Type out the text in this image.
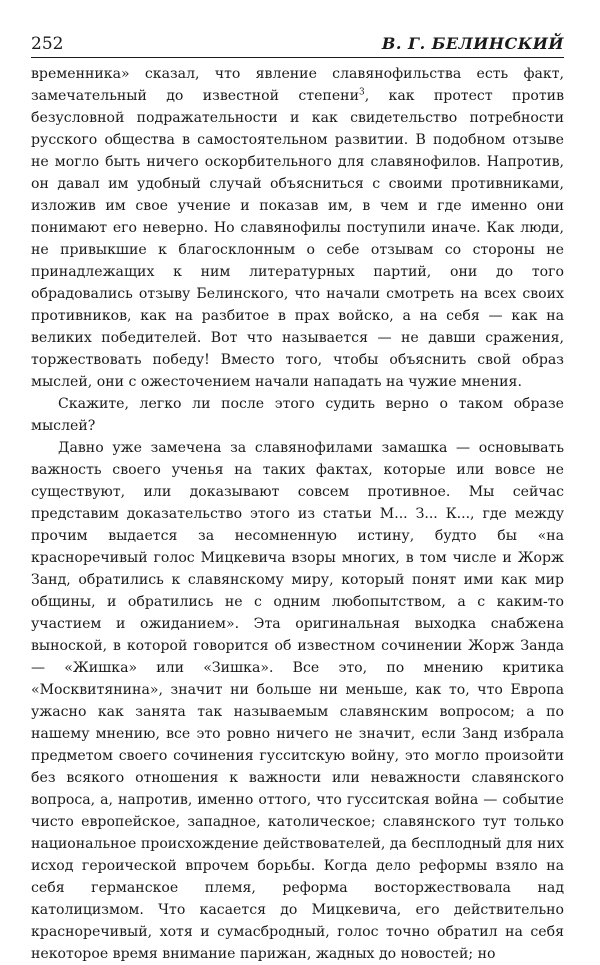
252	В. Г. БЕЛИНСКИЙ

временника» сказал, что явление славянофильства есть факт, замечательный до известной степени$^3$, как протест против безусловной подражательности и как свидетельство потребности русского общества в самостоятельном развитии. В подобном отзыве не могло быть ничего оскорбительного для славянофилов. Напротив, он давал им удобный случай объясниться с своими противниками, изложив им свое учение и показав им, в чем и где именно они понимают его неверно. Но славянофилы поступили иначе. Как люди, не привыкшие к благосклонным о себе отзывам со стороны не принадлежащих к ним литературных партий, они до того обрадовались отзыву Белинского, что начали смотреть на всех своих противников, как на разбитое в прах войско, а на себя — как на великих победителей. Вот что называется — не давши сражения, торжествовать победу! Вместо того, чтобы объяснить свой образ мыслей, они с ожесточением начали нападать на чужие мнения.

Скажите, легко ли после этого судить верно о таком образе мыслей?

Давно уже замечена за славянофилами замашка — основывать важность своего ученья на таких фактах, которые или вовсе не существуют, или доказывают совсем противное. Мы сейчас представим доказательство этого из статьи М... З... К..., где между прочим выдается за несомненную истину, будто бы «на красноречивый голос Мицкевича взоры многих, в том числе и Жорж Занд, обратились к славянскому миру, который понят ими как мир общины, и обратились не с одним любопытством, а с каким-то участием и ожиданием». Эта оригинальная выходка снабжена выноской, в которой говорится об известном сочинении Жорж Занда — «Жишка» или «Зишка». Все это, по мнению критика «Москвитянина», значит ни больше ни меньше, как то, что Европа ужасно как занята так называемым славянским вопросом; а по нашему мнению, все это ровно ничего не значит, если Занд избрала предметом своего сочинения гусситскую войну, это могло произойти без всякого отношения к важности или неважности славянского вопроса, а, напротив, именно оттого, что гусситская война — событие чисто европейское, западное, католическое; славянского тут только национальное происхождение действователей, да бесплодный для них исход героической впрочем борьбы. Когда дело реформы взяло на себя германское племя, реформа восторжествовала над католицизмом. Что касается до Мицкевича, его действительно красноречивый, хотя и сумасбродный, голос точно обратил на себя некоторое время внимание парижан, жадных до новостей; но
